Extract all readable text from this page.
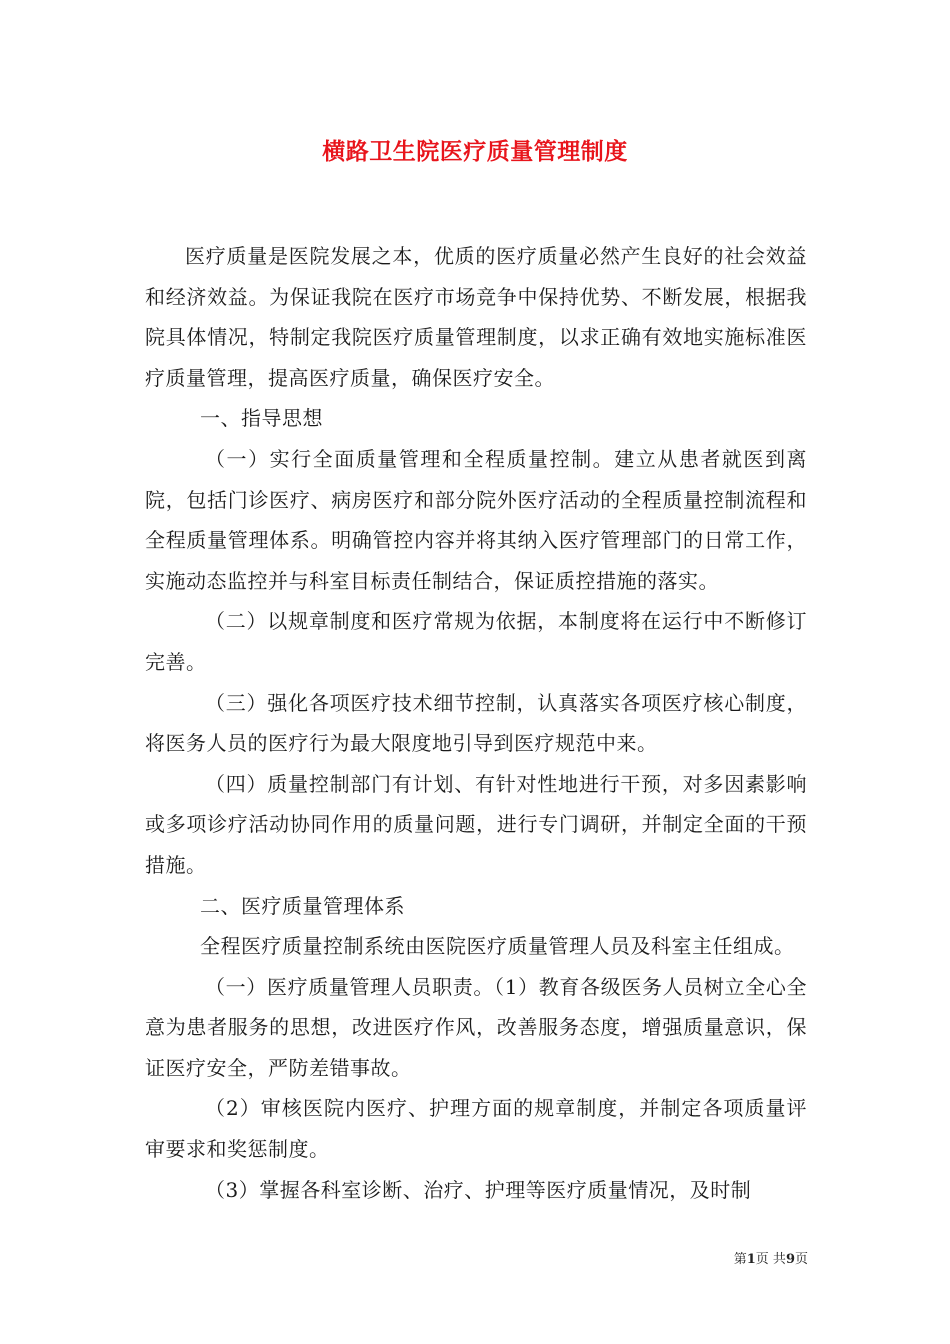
横路卫生院医疗质量管理制度

医疗质量是医院发展之本，优质的医疗质量必然产生良好的社会效益和经济效益。为保证我院在医疗市场竞争中保持优势、不断发展，根据我院具体情况，特制定我院医疗质量管理制度，以求正确有效地实施标准医疗质量管理，提高医疗质量，确保医疗安全。

一、指导思想

（一）实行全面质量管理和全程质量控制。建立从患者就医到离院，包括门诊医疗、病房医疗和部分院外医疗活动的全程质量控制流程和全程质量管理体系。明确管控内容并将其纳入医疗管理部门的日常工作，实施动态监控并与科室目标责任制结合，保证质控措施的落实。

（二）以规章制度和医疗常规为依据，本制度将在运行中不断修订完善。

（三）强化各项医疗技术细节控制，认真落实各项医疗核心制度，将医务人员的医疗行为最大限度地引导到医疗规范中来。

（四）质量控制部门有计划、有针对性地进行干预，对多因素影响或多项诊疗活动协同作用的质量问题，进行专门调研，并制定全面的干预措施。

二、医疗质量管理体系

全程医疗质量控制系统由医院医疗质量管理人员及科室主任组成。

（一）医疗质量管理人员职责。（1）教育各级医务人员树立全心全意为患者服务的思想，改进医疗作风，改善服务态度，增强质量意识，保证医疗安全，严防差错事故。

（2）审核医院内医疗、护理方面的规章制度，并制定各项质量评审要求和奖惩制度。

（3）掌握各科室诊断、治疗、护理等医疗质量情况，及时制

第1页 共9页
